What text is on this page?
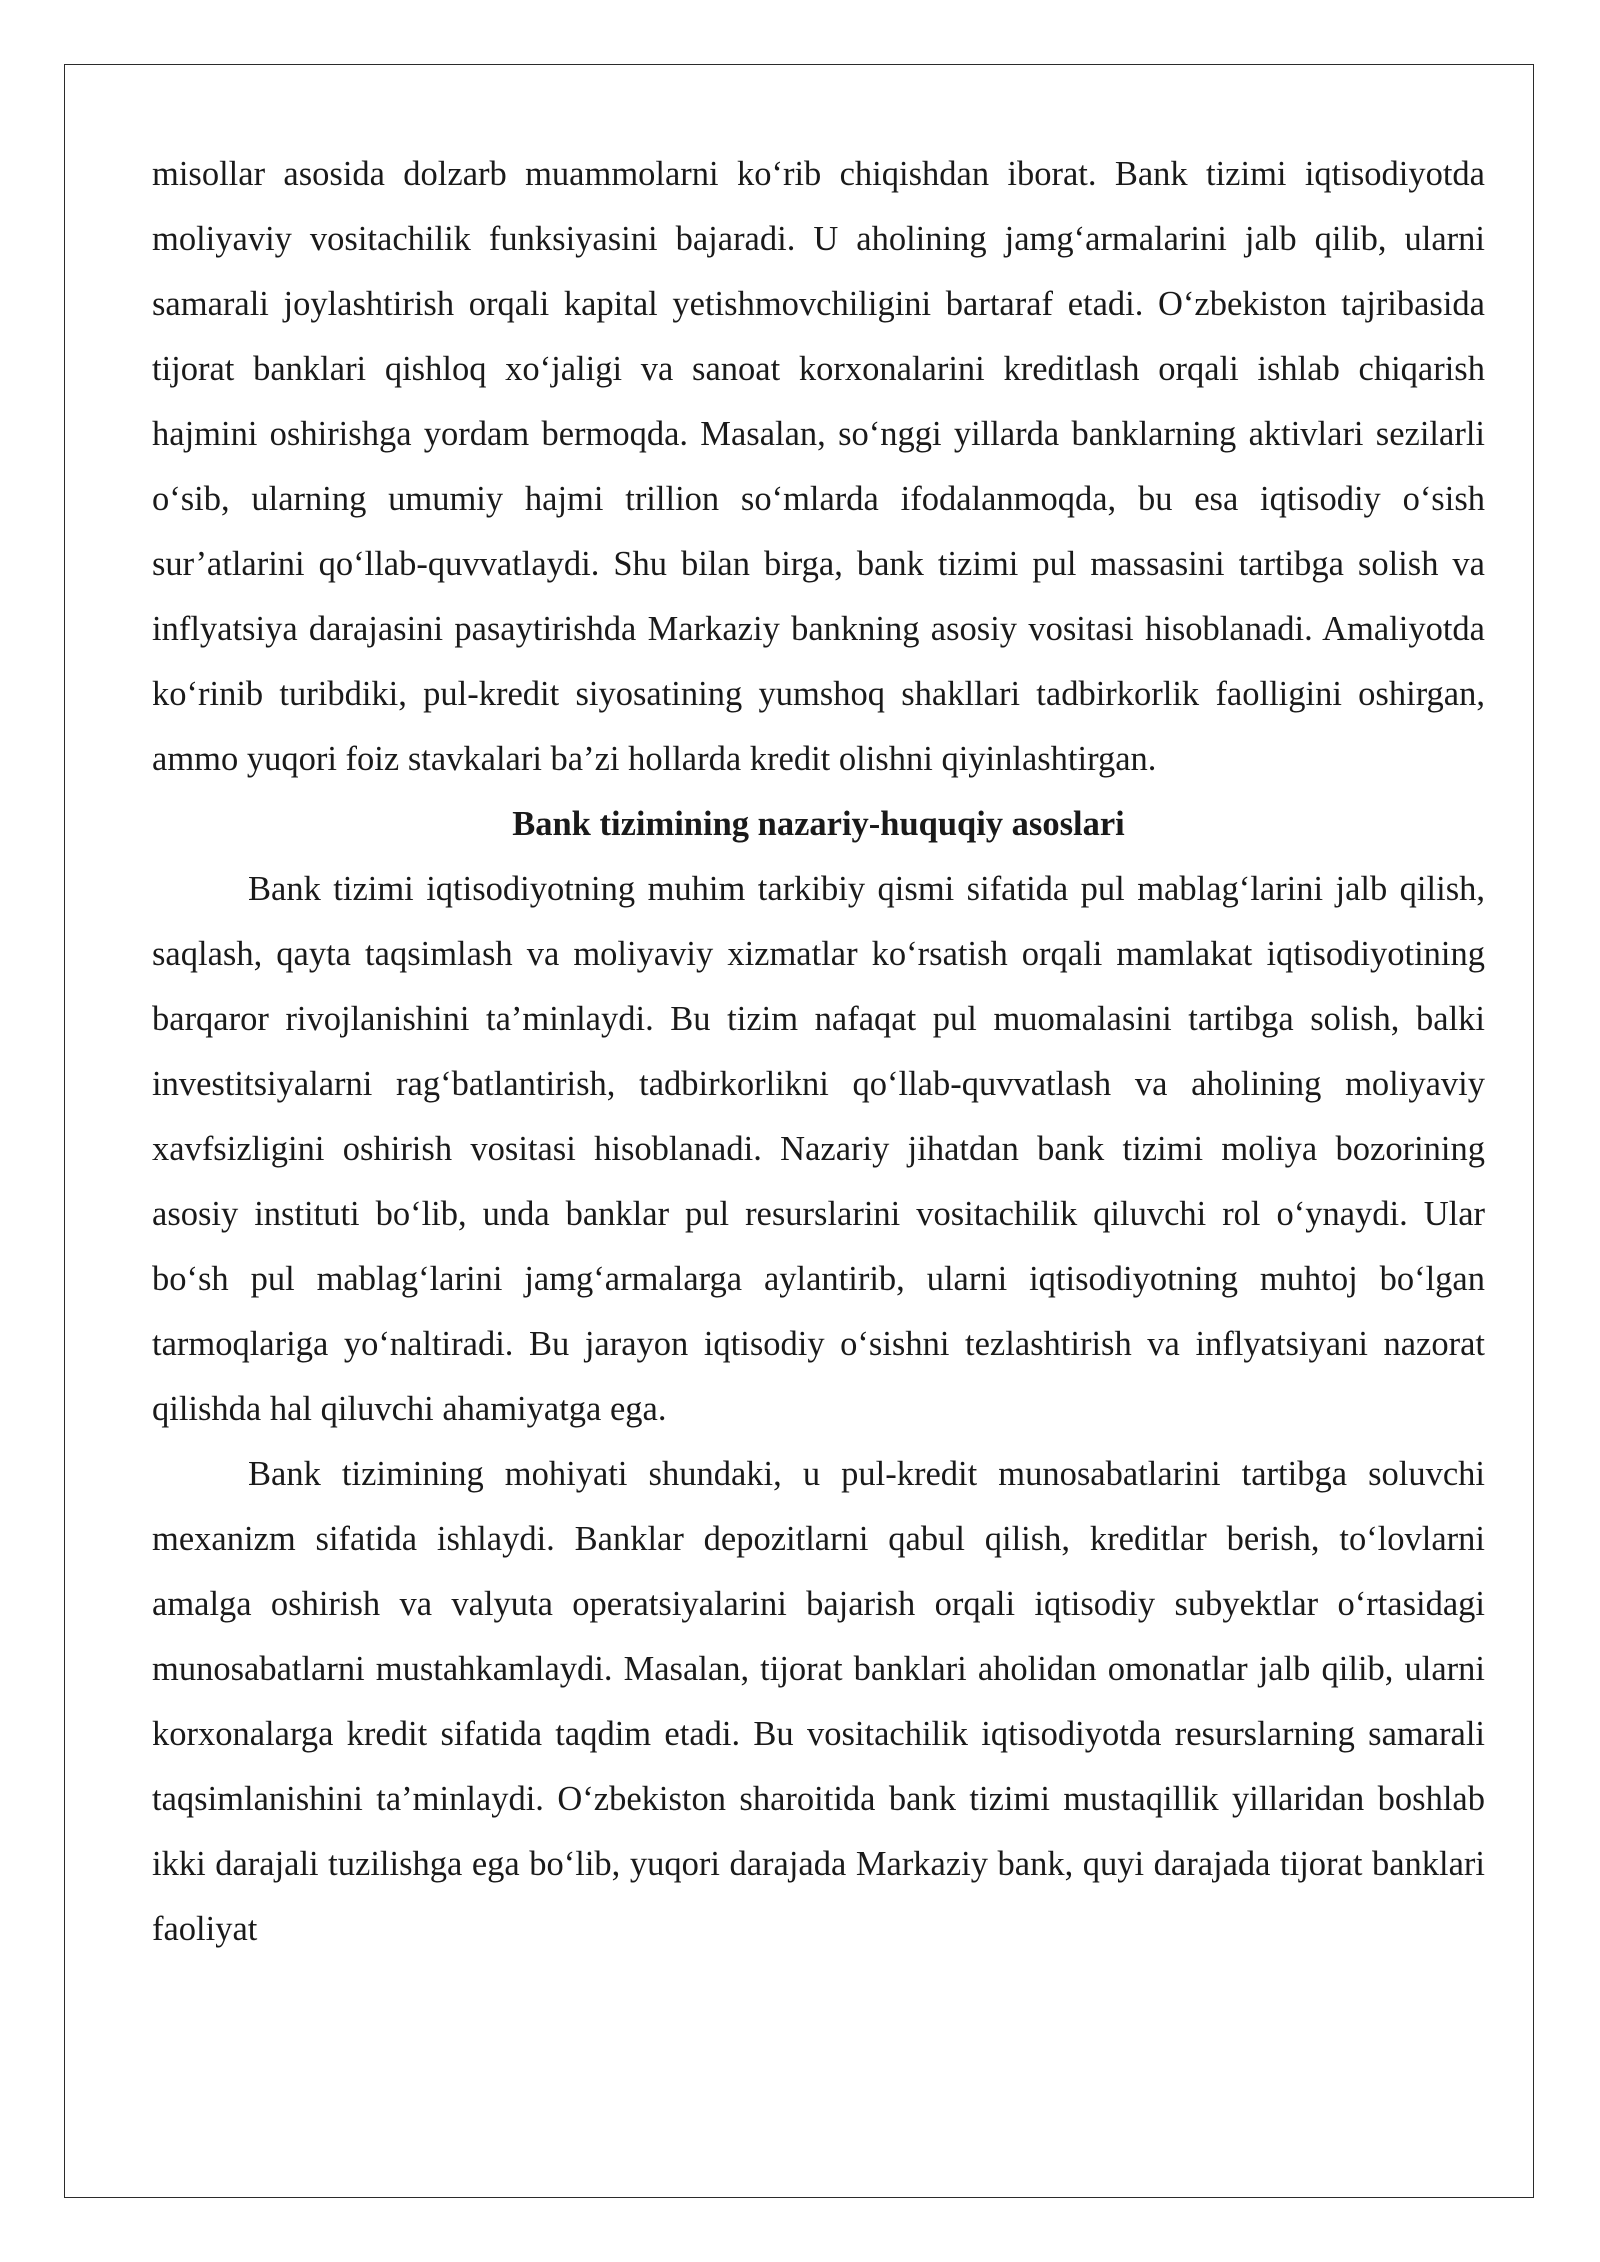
misollar asosida dolzarb muammolarni ko‘rib chiqishdan iborat. Bank tizimi iqtisodiyotda moliyaviy vositachilik funksiyasini bajaradi. U aholining jamg‘armalarini jalb qilib, ularni samarali joylashtirish orqali kapital yetishmovchiligini bartaraf etadi. O‘zbekiston tajribasida tijorat banklari qishloq xo‘jaligi va sanoat korxonalarini kreditlash orqali ishlab chiqarish hajmini oshirishga yordam bermoqda. Masalan, so‘nggi yillarda banklarning aktivlari sezilarli o‘sib, ularning umumiy hajmi trillion so‘mlarda ifodalanmoqda, bu esa iqtisodiy o‘sish sur’atlarini qo‘llab-quvvatlaydi. Shu bilan birga, bank tizimi pul massasini tartibga solish va inflyatsiya darajasini pasaytirishda Markaziy bankning asosiy vositasi hisoblanadi. Amaliyotda ko‘rinib turibdiki, pul-kredit siyosatining yumshoq shakllari tadbirkorlik faolligini oshirgan, ammo yuqori foiz stavkalari ba’zi hollarda kredit olishni qiyinlashtirgan.

Bank tizimining nazariy-huquqiy asoslari

Bank tizimi iqtisodiyotning muhim tarkibiy qismi sifatida pul mablag‘larini jalb qilish, saqlash, qayta taqsimlash va moliyaviy xizmatlar ko‘rsatish orqali mamlakat iqtisodiyotining barqaror rivojlanishini ta’minlaydi. Bu tizim nafaqat pul muomalasini tartibga solish, balki investitsiyalarni rag‘batlantirish, tadbirkorlikni qo‘llab-quvvatlash va aholining moliyaviy xavfsizligini oshirish vositasi hisoblanadi. Nazariy jihatdan bank tizimi moliya bozorining asosiy instituti bo‘lib, unda banklar pul resurslarini vositachilik qiluvchi rol o‘ynaydi. Ular bo‘sh pul mablag‘larini jamg‘armalarga aylantirib, ularni iqtisodiyotning muhtoj bo‘lgan tarmoqlariga yo‘naltiradi. Bu jarayon iqtisodiy o‘sishni tezlashtirish va inflyatsiyani nazorat qilishda hal qiluvchi ahamiyatga ega.

Bank tizimining mohiyati shundaki, u pul-kredit munosabatlarini tartibga soluvchi mexanizm sifatida ishlaydi. Banklar depozitlarni qabul qilish, kreditlar berish, to‘lovlarni amalga oshirish va valyuta operatsiyalarini bajarish orqali iqtisodiy subyektlar o‘rtasidagi munosabatlarni mustahkamlaydi. Masalan, tijorat banklari aholidan omonatlar jalb qilib, ularni korxonalarga kredit sifatida taqdim etadi. Bu vositachilik iqtisodiyotda resurslarning samarali taqsimlanishini ta’minlaydi. O‘zbekiston sharoitida bank tizimi mustaqillik yillaridan boshlab ikki darajali tuzilishga ega bo‘lib, yuqori darajada Markaziy bank, quyi darajada tijorat banklari faoliyat
